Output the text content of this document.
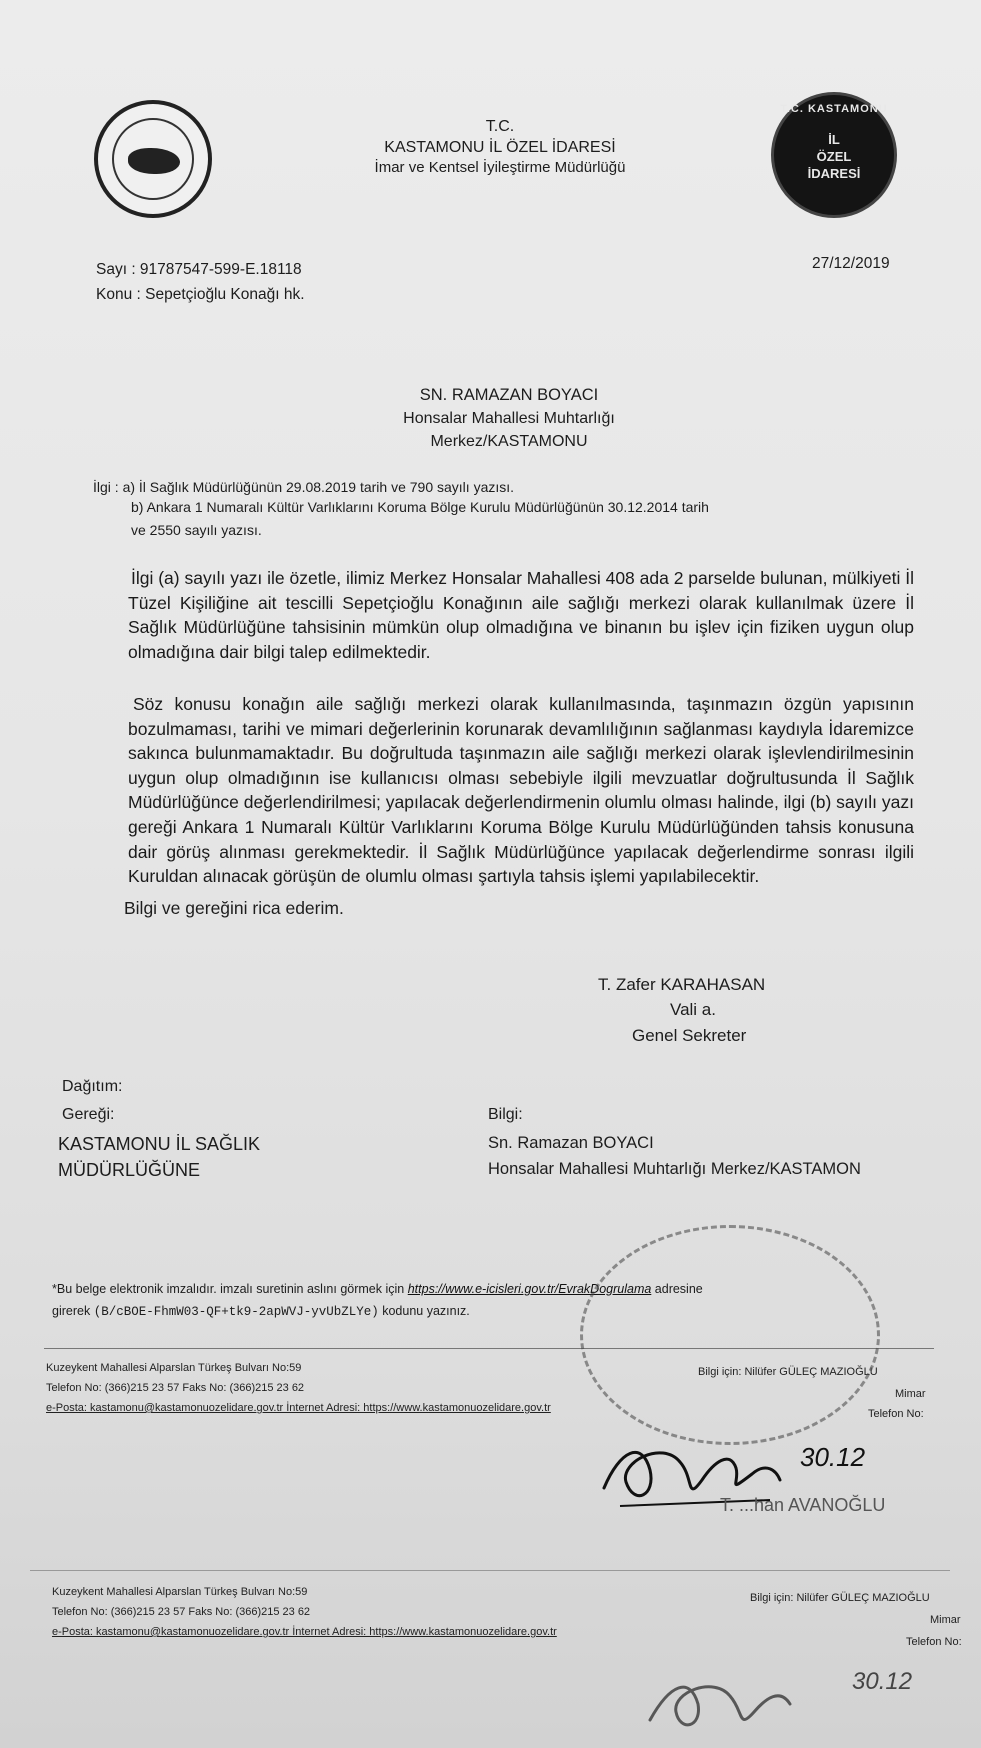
T.C.
KASTAMONU İL ÖZEL İDARESİ
İmar ve Kentsel İyileştirme Müdürlüğü
T.C. KASTAMONU
İL
ÖZEL
İDARESİ
Sayı : 91787547-599-E.18118
Konu : Sepetçioğlu Konağı hk.
27/12/2019
SN. RAMAZAN BOYACI
Honsalar Mahallesi Muhtarlığı
Merkez/KASTAMONU
İlgi : a) İl Sağlık Müdürlüğünün 29.08.2019 tarih ve 790 sayılı yazısı.
b) Ankara 1 Numaralı Kültür Varlıklarını Koruma Bölge Kurulu Müdürlüğünün 30.12.2014 tarih
ve 2550 sayılı yazısı.
İlgi (a) sayılı yazı ile özetle, ilimiz Merkez Honsalar Mahallesi 408 ada 2 parselde bulunan, mülkiyeti İl Tüzel Kişiliğine ait tescilli Sepetçioğlu Konağının aile sağlığı merkezi olarak kullanılmak üzere İl Sağlık Müdürlüğüne tahsisinin mümkün olup olmadığına ve binanın bu işlev için fiziken uygun olup olmadığına dair bilgi talep edilmektedir.
Söz konusu konağın aile sağlığı merkezi olarak kullanılmasında, taşınmazın özgün yapısının bozulmaması, tarihi ve mimari değerlerinin korunarak devamlılığının sağlanması kaydıyla İdaremizce sakınca bulunmamaktadır. Bu doğrultuda taşınmazın aile sağlığı merkezi olarak işlevlendirilmesinin uygun olup olmadığının ise kullanıcısı olması sebebiyle ilgili mevzuatlar doğrultusunda İl Sağlık Müdürlüğünce değerlendirilmesi; yapılacak değerlendirmenin olumlu olması halinde, ilgi (b) sayılı yazı gereği Ankara 1 Numaralı Kültür Varlıklarını Koruma Bölge Kurulu Müdürlüğünden tahsis konusuna dair görüş alınması gerekmektedir. İl Sağlık Müdürlüğünce yapılacak değerlendirme sonrası ilgili Kuruldan alınacak görüşün de olumlu olması şartıyla tahsis işlemi yapılabilecektir.
Bilgi ve gereğini rica ederim.
T. Zafer KARAHASAN
Vali a.
Genel Sekreter
Dağıtım:
Gereği:
KASTAMONU İL SAĞLIK
MÜDÜRLÜĞÜNE
Bilgi:
Sn. Ramazan BOYACI
Honsalar Mahallesi Muhtarlığı Merkez/KASTAMON
*Bu belge elektronik imzalıdır. imzalı suretinin aslını görmek için https://www.e-icisleri.gov.tr/EvrakDogrulama adresine
girerek (B/cBOE-FhmW03-QF+tk9-2apWVJ-yvUbZLYe) kodunu yazınız.
Kuzeykent Mahallesi Alparslan Türkeş Bulvarı No:59
Telefon No: (366)215 23 57 Faks No: (366)215 23 62
e-Posta: kastamonu@kastamonuozelidare.gov.tr İnternet Adresi: https://www.kastamonuozelidare.gov.tr
Bilgi için: Nilüfer GÜLEÇ MAZIOĞLU
Mimar
Telefon No:
30.12
T. ...han AVANOĞLU
Kuzeykent Mahallesi Alparslan Türkeş Bulvarı No:59
Telefon No: (366)215 23 57 Faks No: (366)215 23 62
e-Posta: kastamonu@kastamonuozelidare.gov.tr İnternet Adresi: https://www.kastamonuozelidare.gov.tr
Bilgi için: Nilüfer GÜLEÇ MAZIOĞLU
Mimar
Telefon No:
30.12
